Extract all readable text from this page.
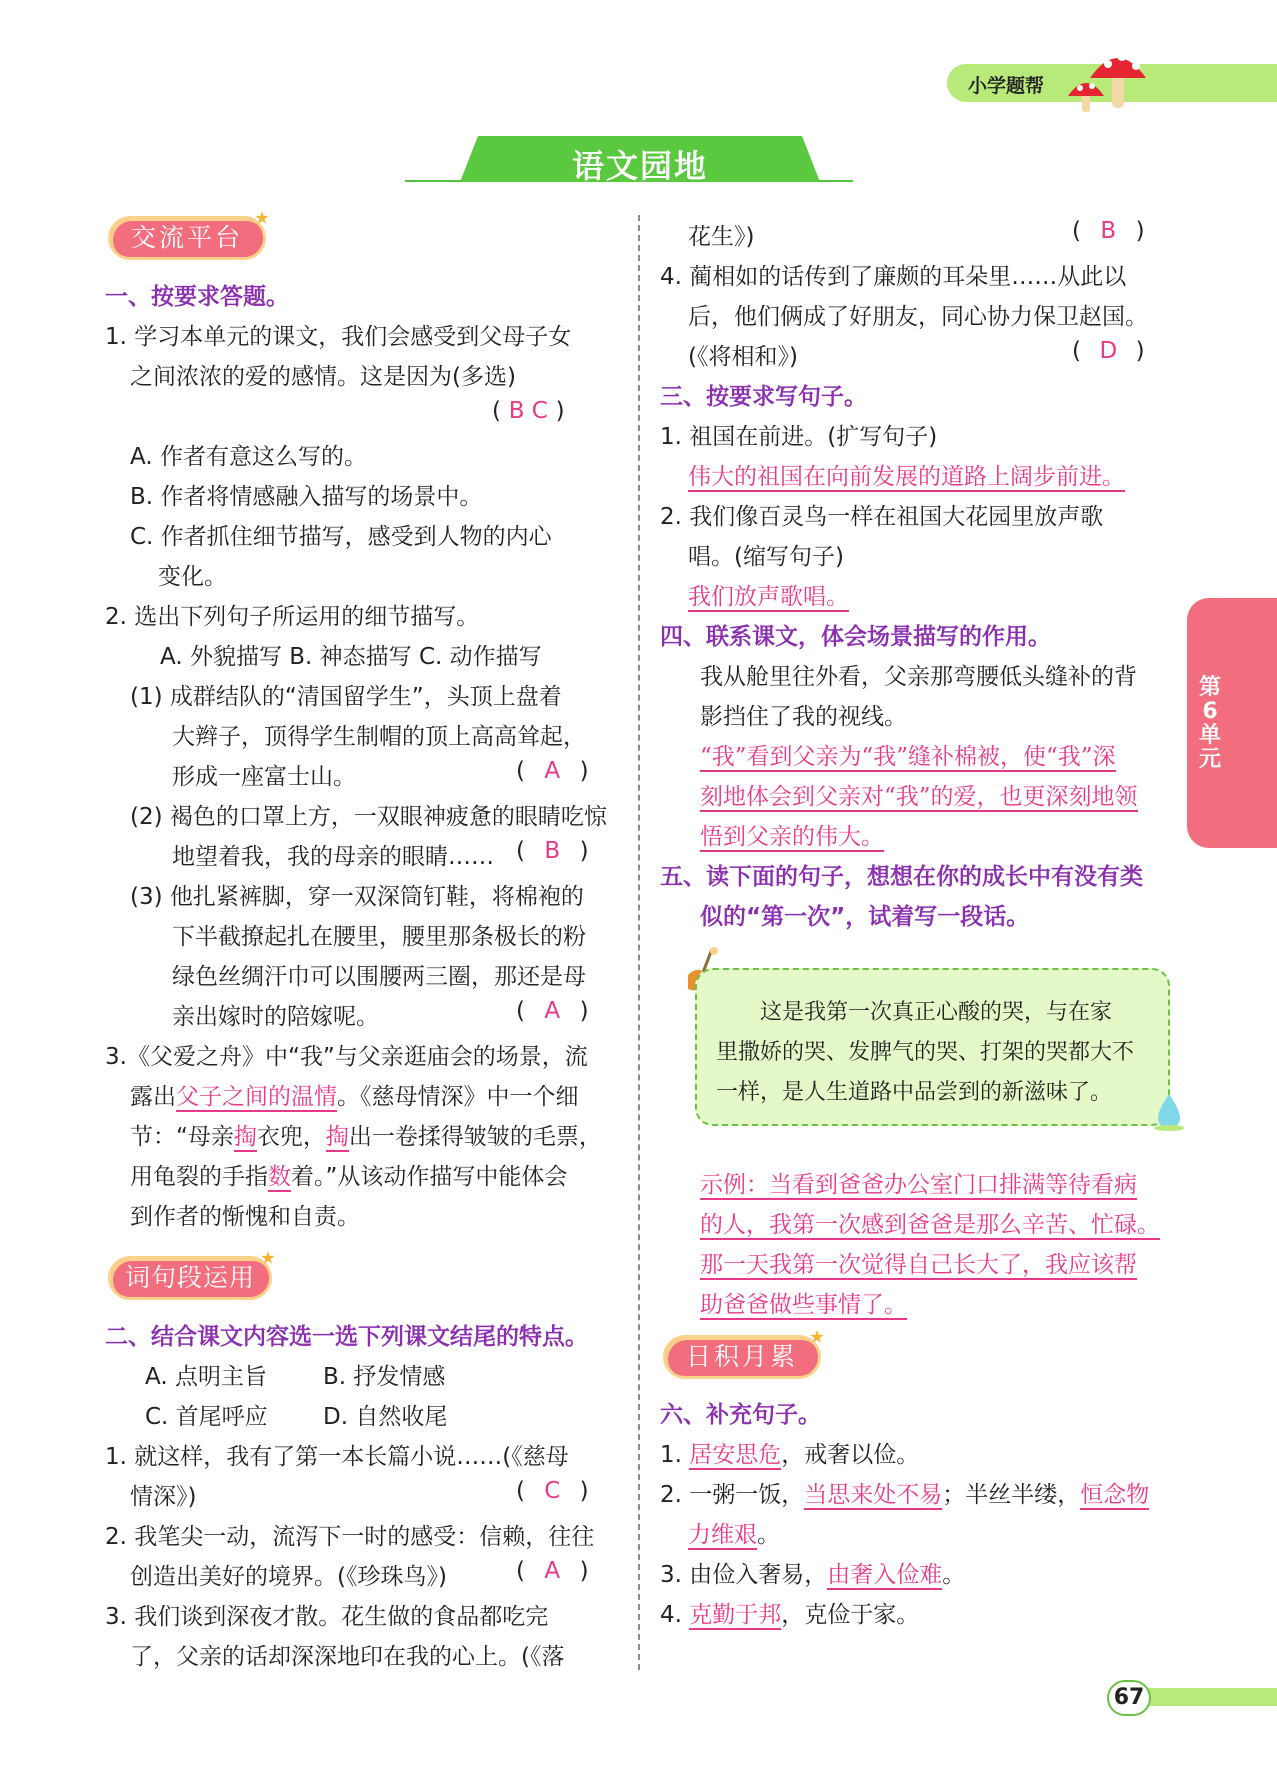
小学题帮
语文园地
第6单元
交流平台
一、按要求答题。
1. 学习本单元的课文，我们会感受到父母子女
之间浓浓的爱的感情。这是因为(多选)
( B C )
A. 作者有意这么写的。
B. 作者将情感融入描写的场景中。
C. 作者抓住细节描写，感受到人物的内心
变化。
2. 选出下列句子所运用的细节描写。
A. 外貌描写 B. 神态描写 C. 动作描写
(1) 成群结队的“清国留学生”，头顶上盘着
大辫子，顶得学生制帽的顶上高高耸起，
形成一座富士山。	( A )
(2) 褐色的口罩上方，一双眼神疲惫的眼睛吃惊
地望着我，我的母亲的眼睛…… ( B )
(3) 他扎紧裤脚，穿一双深筒钉鞋，将棉袍的
下半截撩起扎在腰里，腰里那条极长的粉
绿色丝绸汗巾可以围腰两三圈，那还是母
亲出嫁时的陪嫁呢。	( A )
3.《父爱之舟》中“我”与父亲逛庙会的场景，流
露出父子之间的温情。《慈母情深》中一个细
节：“母亲掏衣兜，掏出一卷揉得皱皱的毛票，
用龟裂的手指数着。”从该动作描写中能体会
到作者的惭愧和自责。
词句段运用
二、结合课文内容选一选下列课文结尾的特点。
A. 点明主旨 B. 抒发情感
C. 首尾呼应 D. 自然收尾
1. 就这样，我有了第一本长篇小说……(《慈母
情深》)	( C )
2. 我笔尖一动，流泻下一时的感受：信赖，往往
创造出美好的境界。(《珍珠鸟》)	( A )
3. 我们谈到深夜才散。花生做的食品都吃完
了，父亲的话却深深地印在我的心上。(《落
花生》)	( B )
4. 蔺相如的话传到了廉颇的耳朵里……从此以
后，他们俩成了好朋友，同心协力保卫赵国。
(《将相和》)	( D )
三、按要求写句子。
1. 祖国在前进。(扩写句子)
伟大的祖国在向前发展的道路上阔步前进。
2. 我们像百灵鸟一样在祖国大花园里放声歌
唱。(缩写句子)
我们放声歌唱。
四、联系课文，体会场景描写的作用。
我从舱里往外看，父亲那弯腰低头缝补的背
影挡住了我的视线。
“我”看到父亲为“我”缝补棉被，使“我”深
刻地体会到父亲对“我”的爱，也更深刻地领
悟到父亲的伟大。
五、读下面的句子，想想在你的成长中有没有类
似的“第一次”，试着写一段话。
这是我第一次真正心酸的哭，与在家
里撒娇的哭、发脾气的哭、打架的哭都大不
一样，是人生道路中品尝到的新滋味了。
示例：当看到爸爸办公室门口排满等待看病
的人，我第一次感到爸爸是那么辛苦、忙碌。
那一天我第一次觉得自己长大了，我应该帮
助爸爸做些事情了。
日积月累
六、补充句子。
1. 居安思危，戒奢以俭。
2. 一粥一饭，当思来处不易；半丝半缕，恒念物
力维艰。
3. 由俭入奢易，由奢入俭难。
4. 克勤于邦，克俭于家。
67
